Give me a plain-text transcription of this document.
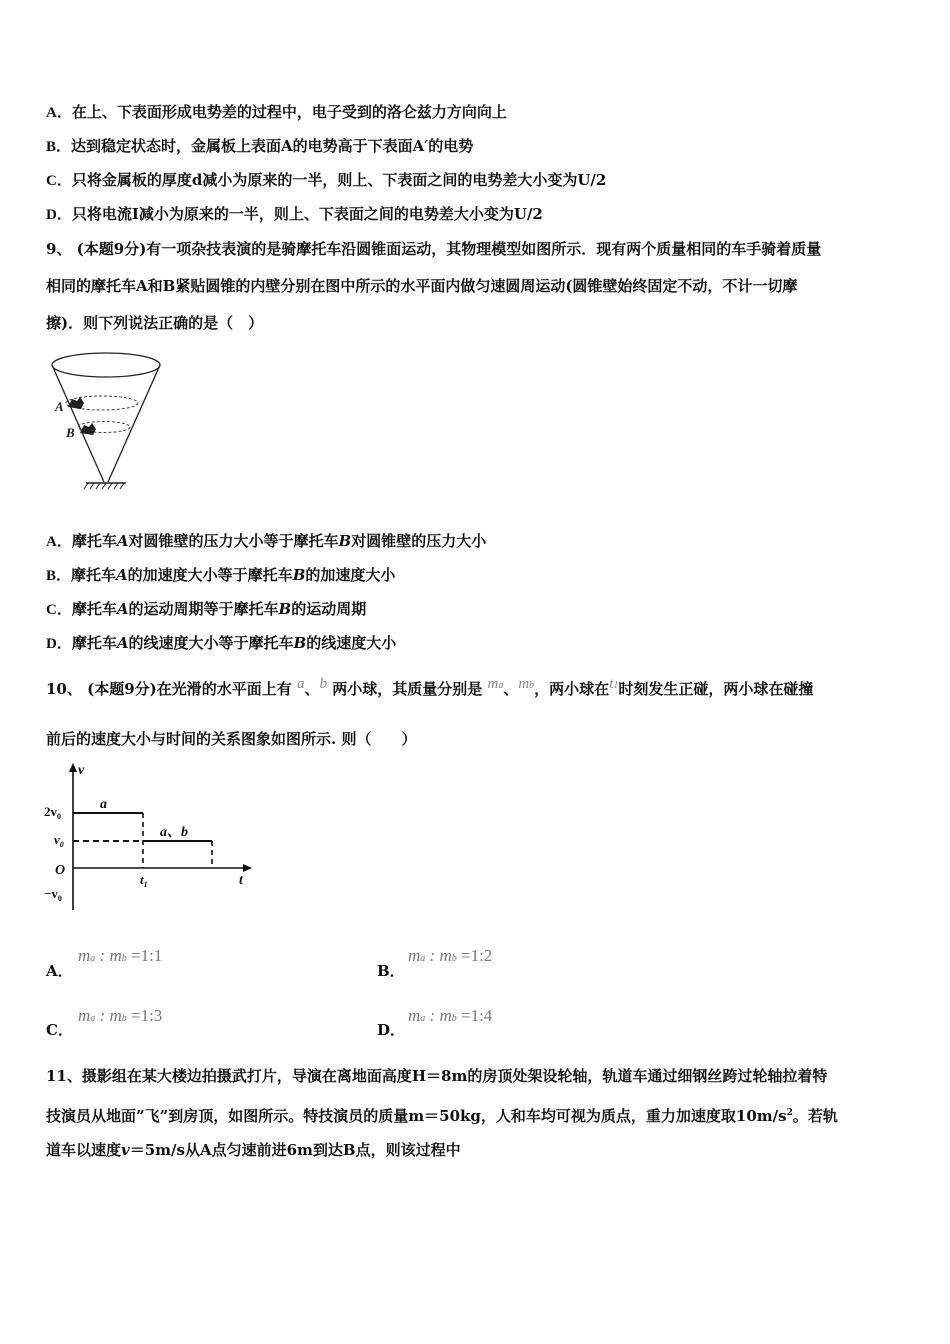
A．在上、下表面形成电势差的过程中，电子受到的洛仑兹力方向向上
B．达到稳定状态时，金属板上表面A的电势高于下表面A′的电势
C．只将金属板的厚度d减小为原来的一半，则上、下表面之间的电势差大小变为U/2
D．只将电流I减小为原来的一半，则上、下表面之间的电势差大小变为U/2
9、 (本题9分)有一项杂技表演的是骑摩托车沿圆锥面运动，其物理模型如图所示．现有两个质量相同的车手骑着质量
相同的摩托车A和B紧贴圆锥的内壁分别在图中所示的水平面内做匀速圆周运动(圆锥壁始终固定不动，不计一切摩
擦)．则下列说法正确的是（　）
A
B
A．摩托车A对圆锥壁的压力大小等于摩托车B对圆锥壁的压力大小
B．摩托车A的加速度大小等于摩托车B的加速度大小
C．摩托车A的运动周期等于摩托车B的运动周期
D．摩托车A的线速度大小等于摩托车B的线速度大小
10、 (本题9分)在光滑的水平面上有 a、b 两小球，其质量分别是 ma、mb，两小球在t1时刻发生正碰，两小球在碰撞
前后的速度大小与时间的关系图象如图所示. 则（　　）
v
t
O
$2v_0$
$v_0$
$-v_0$
$t_1$
a
a、b
A．
ma : mb =1:1
B．
ma : mb =1:2
C．
ma : mb =1:3
D．
ma : mb =1:4
11、摄影组在某大楼边拍摄武打片，导演在离地面高度H＝8m的房顶处架设轮轴，轨道车通过细钢丝跨过轮轴拉着特
技演员从地面”飞”到房顶，如图所示。特技演员的质量m＝50kg，人和车均可视为质点，重力加速度取$10m/s^2$。若轨
道车以速度v＝5m/s从A点匀速前进6m到达B点，则该过程中
